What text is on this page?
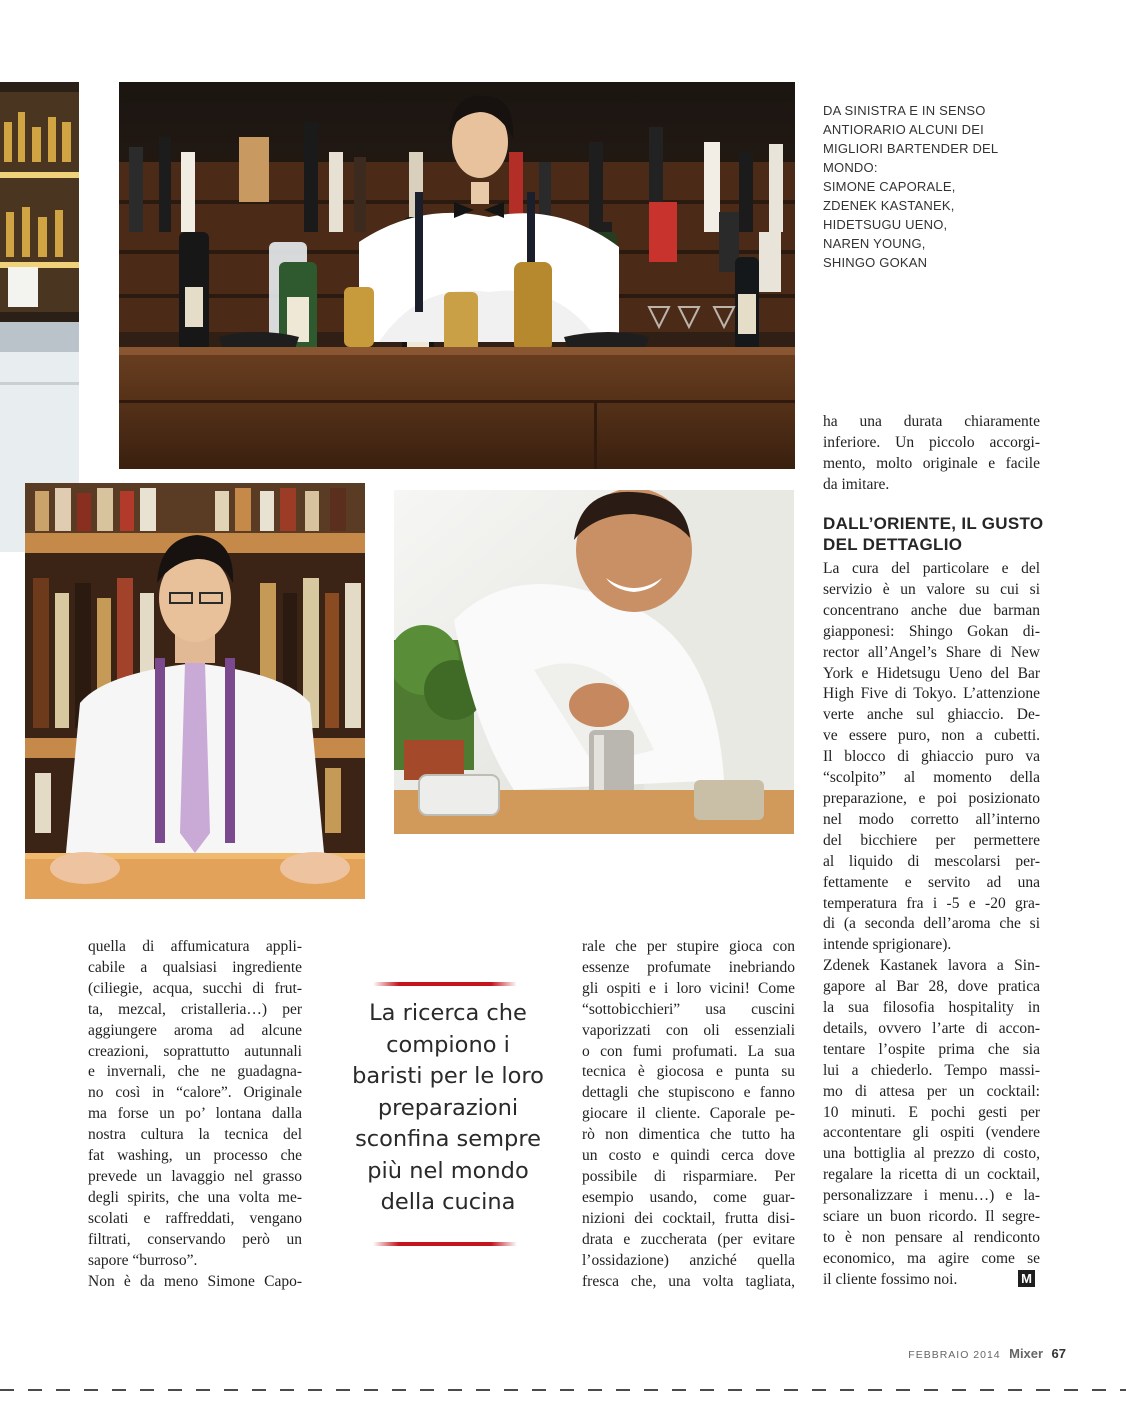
DA SINISTRA E IN SENSO
ANTIORARIO ALCUNI DEI
MIGLIORI BARTENDER DEL
MONDO:
SIMONE CAPORALE,
ZDENEK KASTANEK,
HIDETSUGU UENO,
NAREN YOUNG,
SHINGO GOKAN
ha una durata chiaramente
inferiore. Un piccolo accorgi-
mento, molto originale e facile
da imitare.
DALL’ORIENTE, IL GUSTO
DEL DETTAGLIO
La cura del particolare e del
servizio è un valore su cui si
concentrano anche due barman
giapponesi: Shingo Gokan di-
rector all’Angel’s Share di New
York e Hidetsugu Ueno del Bar
High Five di Tokyo. L’attenzione
verte anche sul ghiaccio. De-
ve essere puro, non a cubetti.
Il blocco di ghiaccio puro va
“scolpito” al momento della
preparazione, e poi posizionato
nel modo corretto all’interno
del bicchiere per permettere
al liquido di mescolarsi per-
fettamente e servito ad una
temperatura fra i -5 e -20 gra-
di (a seconda dell’aroma che si
intende sprigionare).
Zdenek Kastanek lavora a Sin-
gapore al Bar 28, dove pratica
la sua filosofia hospitality in
details, ovvero l’arte di accon-
tentare l’ospite prima che sia
lui a chiederlo. Tempo massi-
mo di attesa per un cocktail:
10 minuti. E pochi gesti per
accontentare gli ospiti (vendere
una bottiglia al prezzo di costo,
regalare la ricetta di un cocktail,
personalizzare i menu…) e la-
sciare un buon ricordo. Il segre-
to è non pensare al rendiconto
economico, ma agire come se
il cliente fossimo noi.	M
quella di affumicatura appli-
cabile a qualsiasi ingrediente
(ciliegie, acqua, succhi di frut-
ta, mezcal, cristalleria…) per
aggiungere aroma ad alcune
creazioni, soprattutto autunnali
e invernali, che ne guadagna-
no così in “calore”. Originale
ma forse un po’ lontana dalla
nostra cultura la tecnica del
fat washing, un processo che
prevede un lavaggio nel grasso
degli spirits, che una volta me-
scolati e raffreddati, vengano
filtrati, conservando però un
sapore “burroso”.
Non è da meno Simone Capo-
La ricerca che
compiono i
baristi per le loro
preparazioni
sconfina sempre
più nel mondo
della cucina
rale che per stupire gioca con
essenze profumate inebriando
gli ospiti e i loro vicini! Come
“sottobicchieri” usa cuscini
vaporizzati con oli essenziali
o con fumi profumati. La sua
tecnica è giocosa e punta su
dettagli che stupiscono e fanno
giocare il cliente. Caporale pe-
rò non dimentica che tutto ha
un costo e quindi cerca dove
possibile di risparmiare. Per
esempio usando, come guar-
nizioni dei cocktail, frutta disi-
drata e zuccherata (per evitare
l’ossidazione) anziché quella
fresca che, una volta tagliata,
FEBBRAIO 2014 Mixer 67
